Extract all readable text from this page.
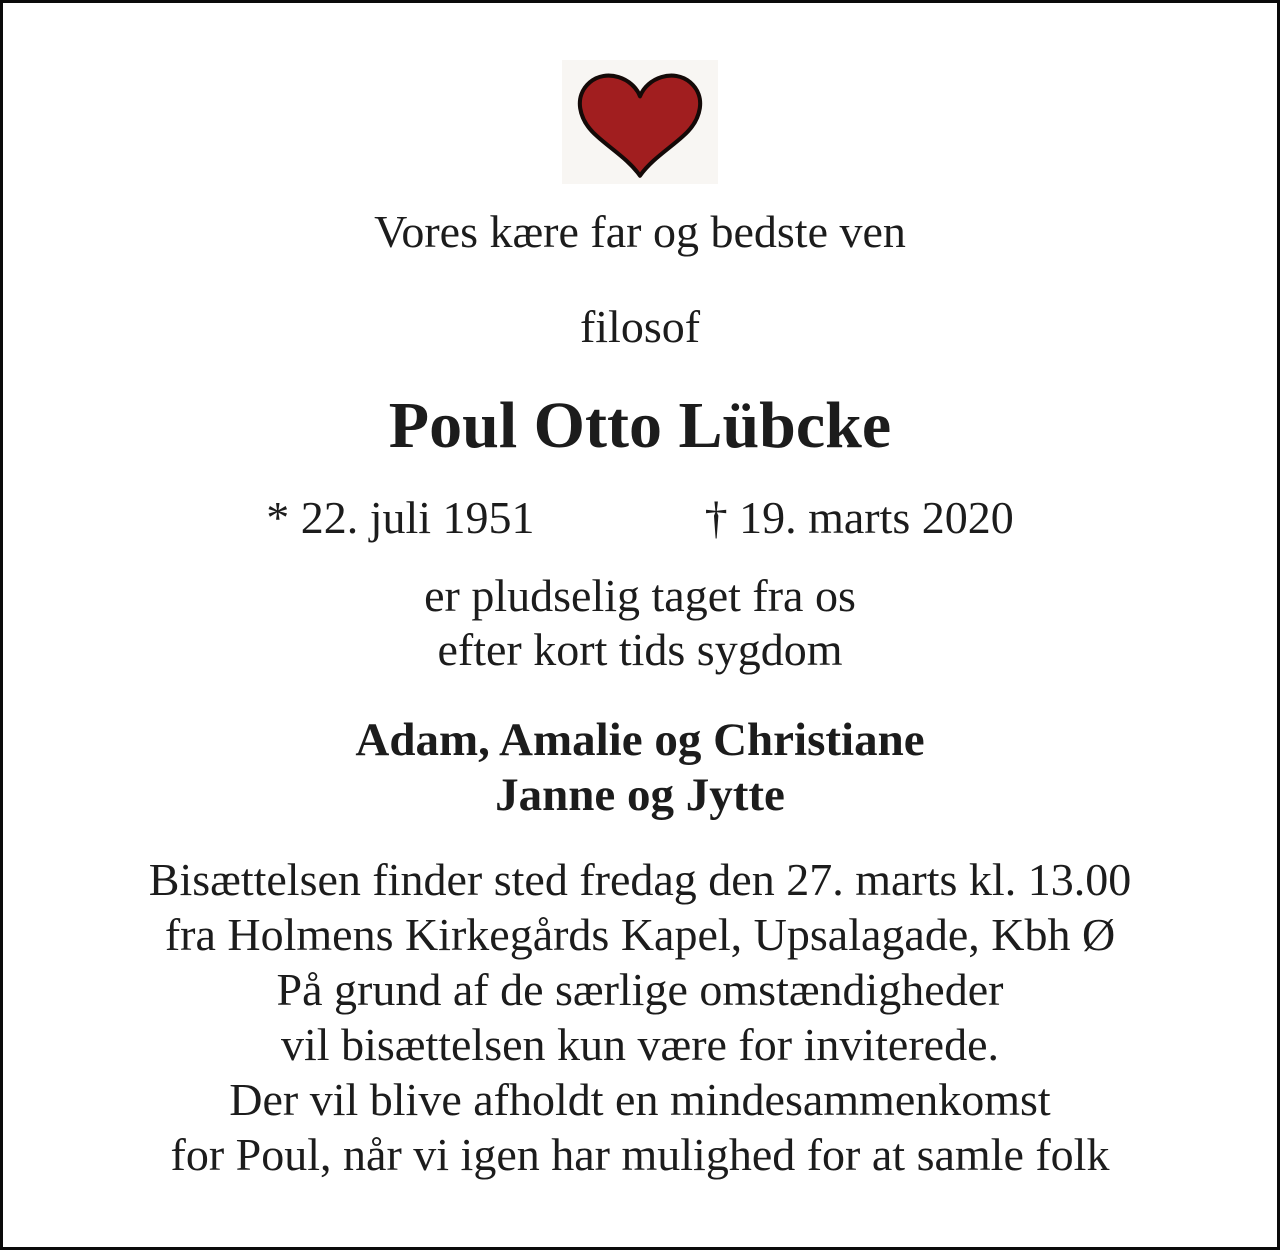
Vores kære far og bedste ven
filosof
Poul Otto Lübcke
* 22. juli 1951	† 19. marts 2020
er pludselig taget fra os
efter kort tids sygdom
Adam, Amalie og Christiane
Janne og Jytte
Bisættelsen finder sted fredag den 27. marts kl. 13.00
fra Holmens Kirkegårds Kapel, Upsalagade, Kbh Ø
På grund af de særlige omstændigheder
vil bisættelsen kun være for inviterede.
Der vil blive afholdt en mindesammenkomst
for Poul, når vi igen har mulighed for at samle folk
